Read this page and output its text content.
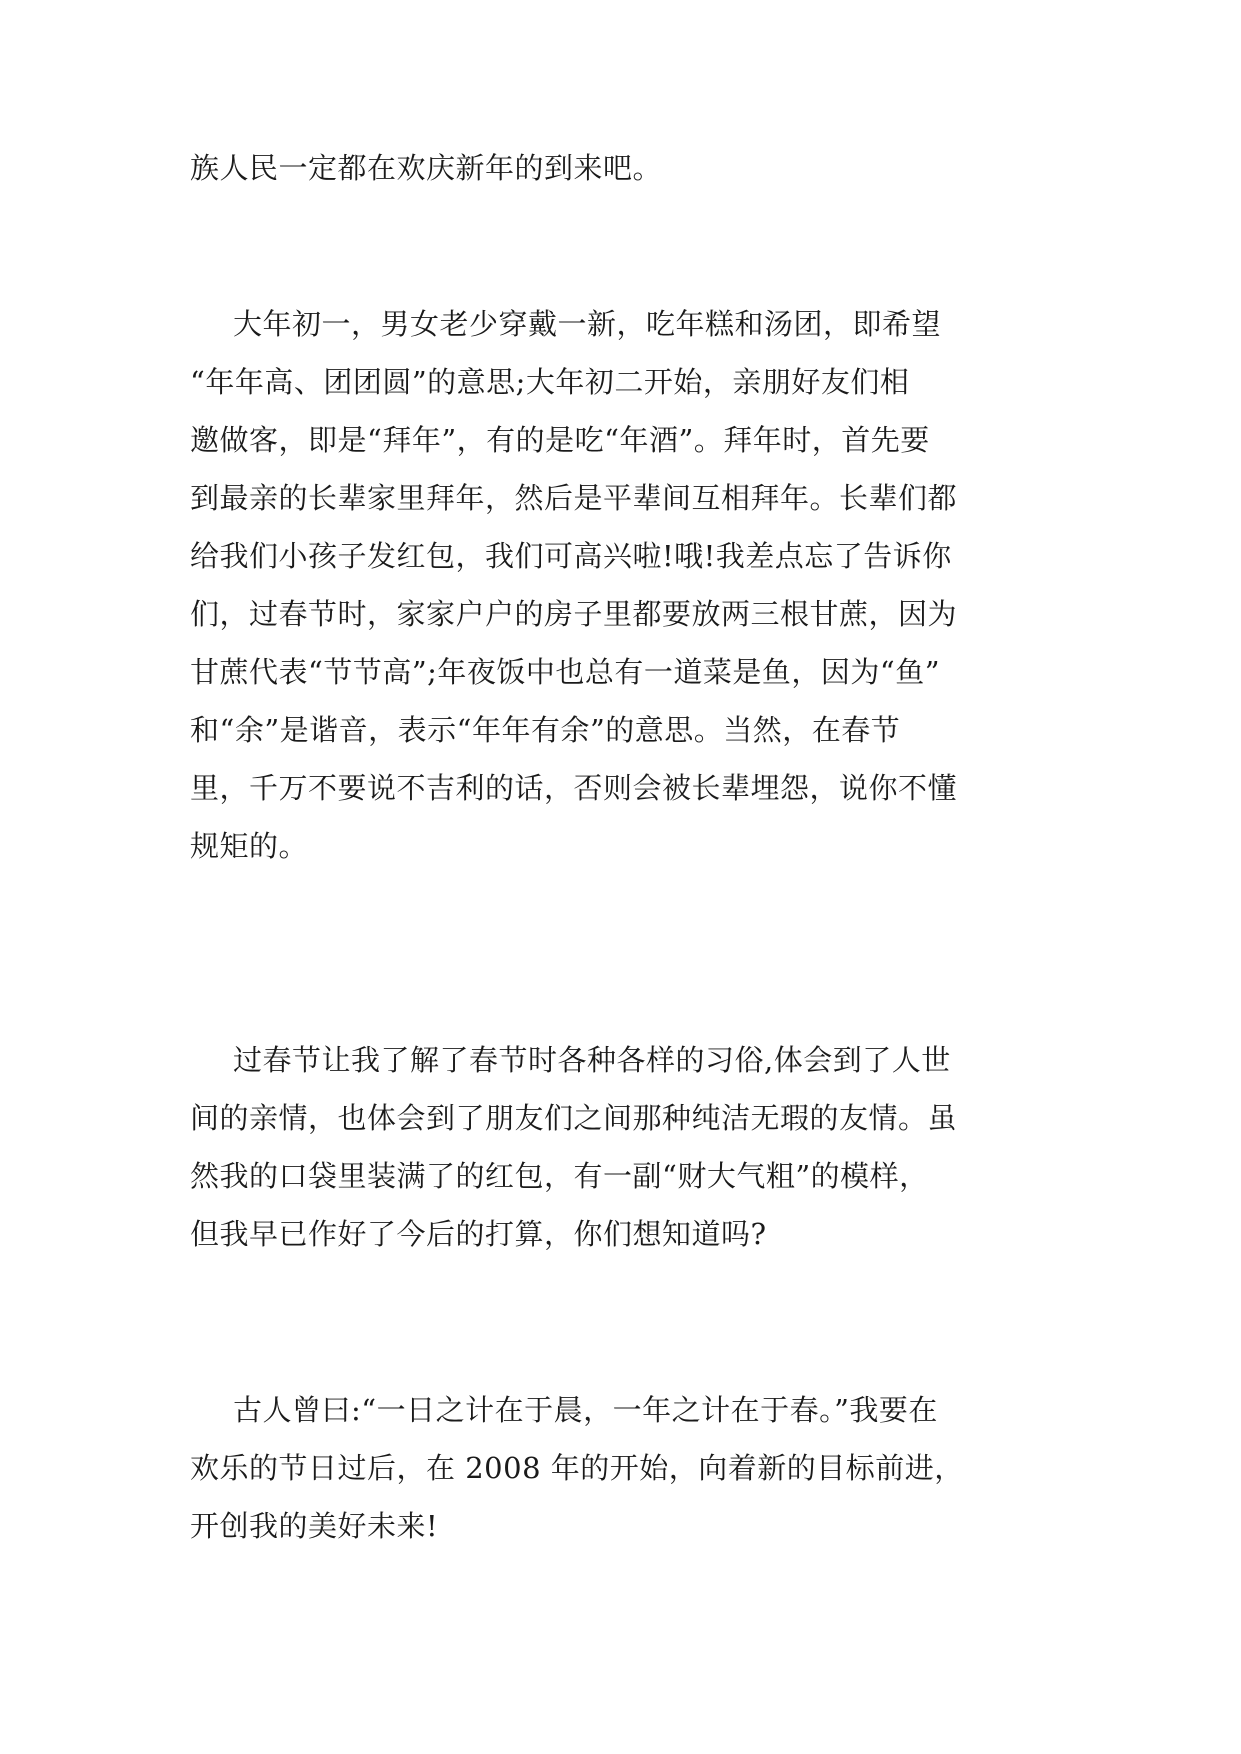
族人民一定都在欢庆新年的到来吧。

大年初一，男女老少穿戴一新，吃年糕和汤团，即希望

“年年高、团团圆”的意思;大年初二开始，亲朋好友们相

邀做客，即是“拜年”，有的是吃“年酒”。拜年时，首先要

到最亲的长辈家里拜年，然后是平辈间互相拜年。长辈们都

给我们小孩子发红包，我们可高兴啦!哦!我差点忘了告诉你

们，过春节时，家家户户的房子里都要放两三根甘蔗，因为

甘蔗代表“节节高”;年夜饭中也总有一道菜是鱼，因为“鱼”

和“余”是谐音，表示“年年有余”的意思。当然，在春节

里，千万不要说不吉利的话，否则会被长辈埋怨，说你不懂

规矩的。

过春节让我了解了春节时各种各样的习俗,体会到了人世

间的亲情，也体会到了朋友们之间那种纯洁无瑕的友情。虽

然我的口袋里装满了的红包，有一副“财大气粗”的模样，

但我早已作好了今后的打算，你们想知道吗?

古人曾曰:“一日之计在于晨，一年之计在于春。”我要在

欢乐的节日过后，在 2008 年的开始，向着新的目标前进，

开创我的美好未来!
